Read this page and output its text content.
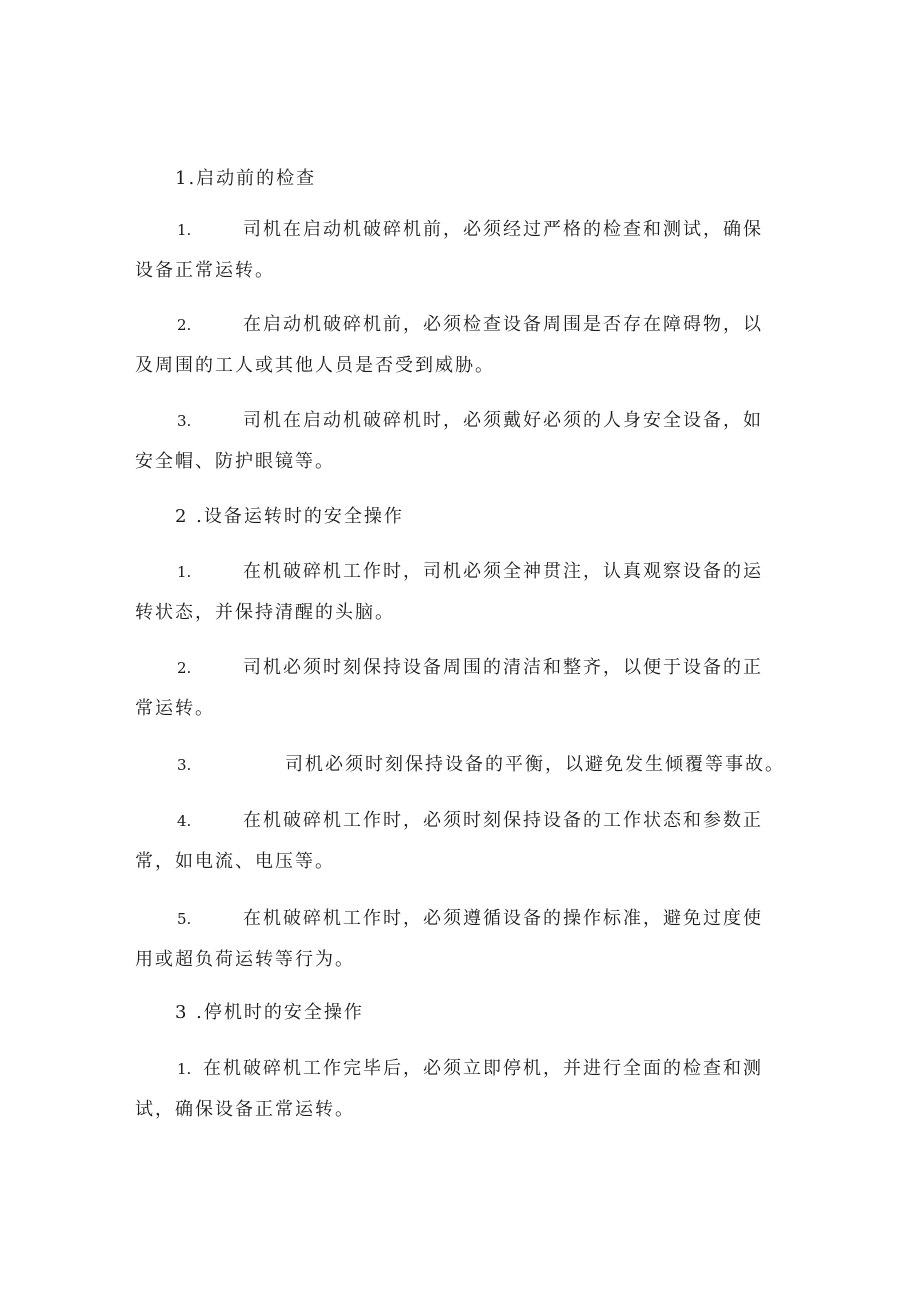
1.启动前的检查
1.	司机在启动机破碎机前，必须经过严格的检查和测试，确保
设备正常运转。
2.	在启动机破碎机前，必须检查设备周围是否存在障碍物，以
及周围的工人或其他人员是否受到威胁。
3.	司机在启动机破碎机时，必须戴好必须的人身安全设备，如
安全帽、防护眼镜等。
2 .设备运转时的安全操作
1.	在机破碎机工作时，司机必须全神贯注，认真观察设备的运
转状态，并保持清醒的头脑。
2.	司机必须时刻保持设备周围的清洁和整齐，以便于设备的正
常运转。
3.	司机必须时刻保持设备的平衡，以避免发生倾覆等事故。
4.	在机破碎机工作时，必须时刻保持设备的工作状态和参数正
常，如电流、电压等。
5.	在机破碎机工作时，必须遵循设备的操作标准，避免过度使
用或超负荷运转等行为。
3 .停机时的安全操作
1. 在机破碎机工作完毕后，必须立即停机，并进行全面的检查和测
试，确保设备正常运转。
